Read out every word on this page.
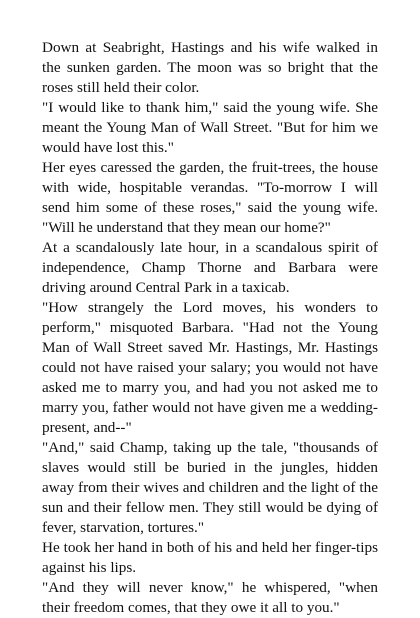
Down at Seabright, Hastings and his wife walked in the sunken garden. The moon was so bright that the roses still held their color.

"I would like to thank him," said the young wife. She meant the Young Man of Wall Street. "But for him we would have lost this."

Her eyes caressed the garden, the fruit-trees, the house with wide, hospitable verandas. "To-morrow I will send him some of these roses," said the young wife. "Will he understand that they mean our home?"

At a scandalously late hour, in a scandalous spirit of independence, Champ Thorne and Barbara were driving around Central Park in a taxicab.

"How strangely the Lord moves, his wonders to perform," misquoted Barbara. "Had not the Young Man of Wall Street saved Mr. Hastings, Mr. Hastings could not have raised your salary; you would not have asked me to marry you, and had you not asked me to marry you, father would not have given me a wedding-present, and--"

"And," said Champ, taking up the tale, "thousands of slaves would still be buried in the jungles, hidden away from their wives and children and the light of the sun and their fellow men. They still would be dying of fever, starvation, tortures."

He took her hand in both of his and held her finger-tips against his lips.

"And they will never know," he whispered, "when their freedom comes, that they owe it all to you."
